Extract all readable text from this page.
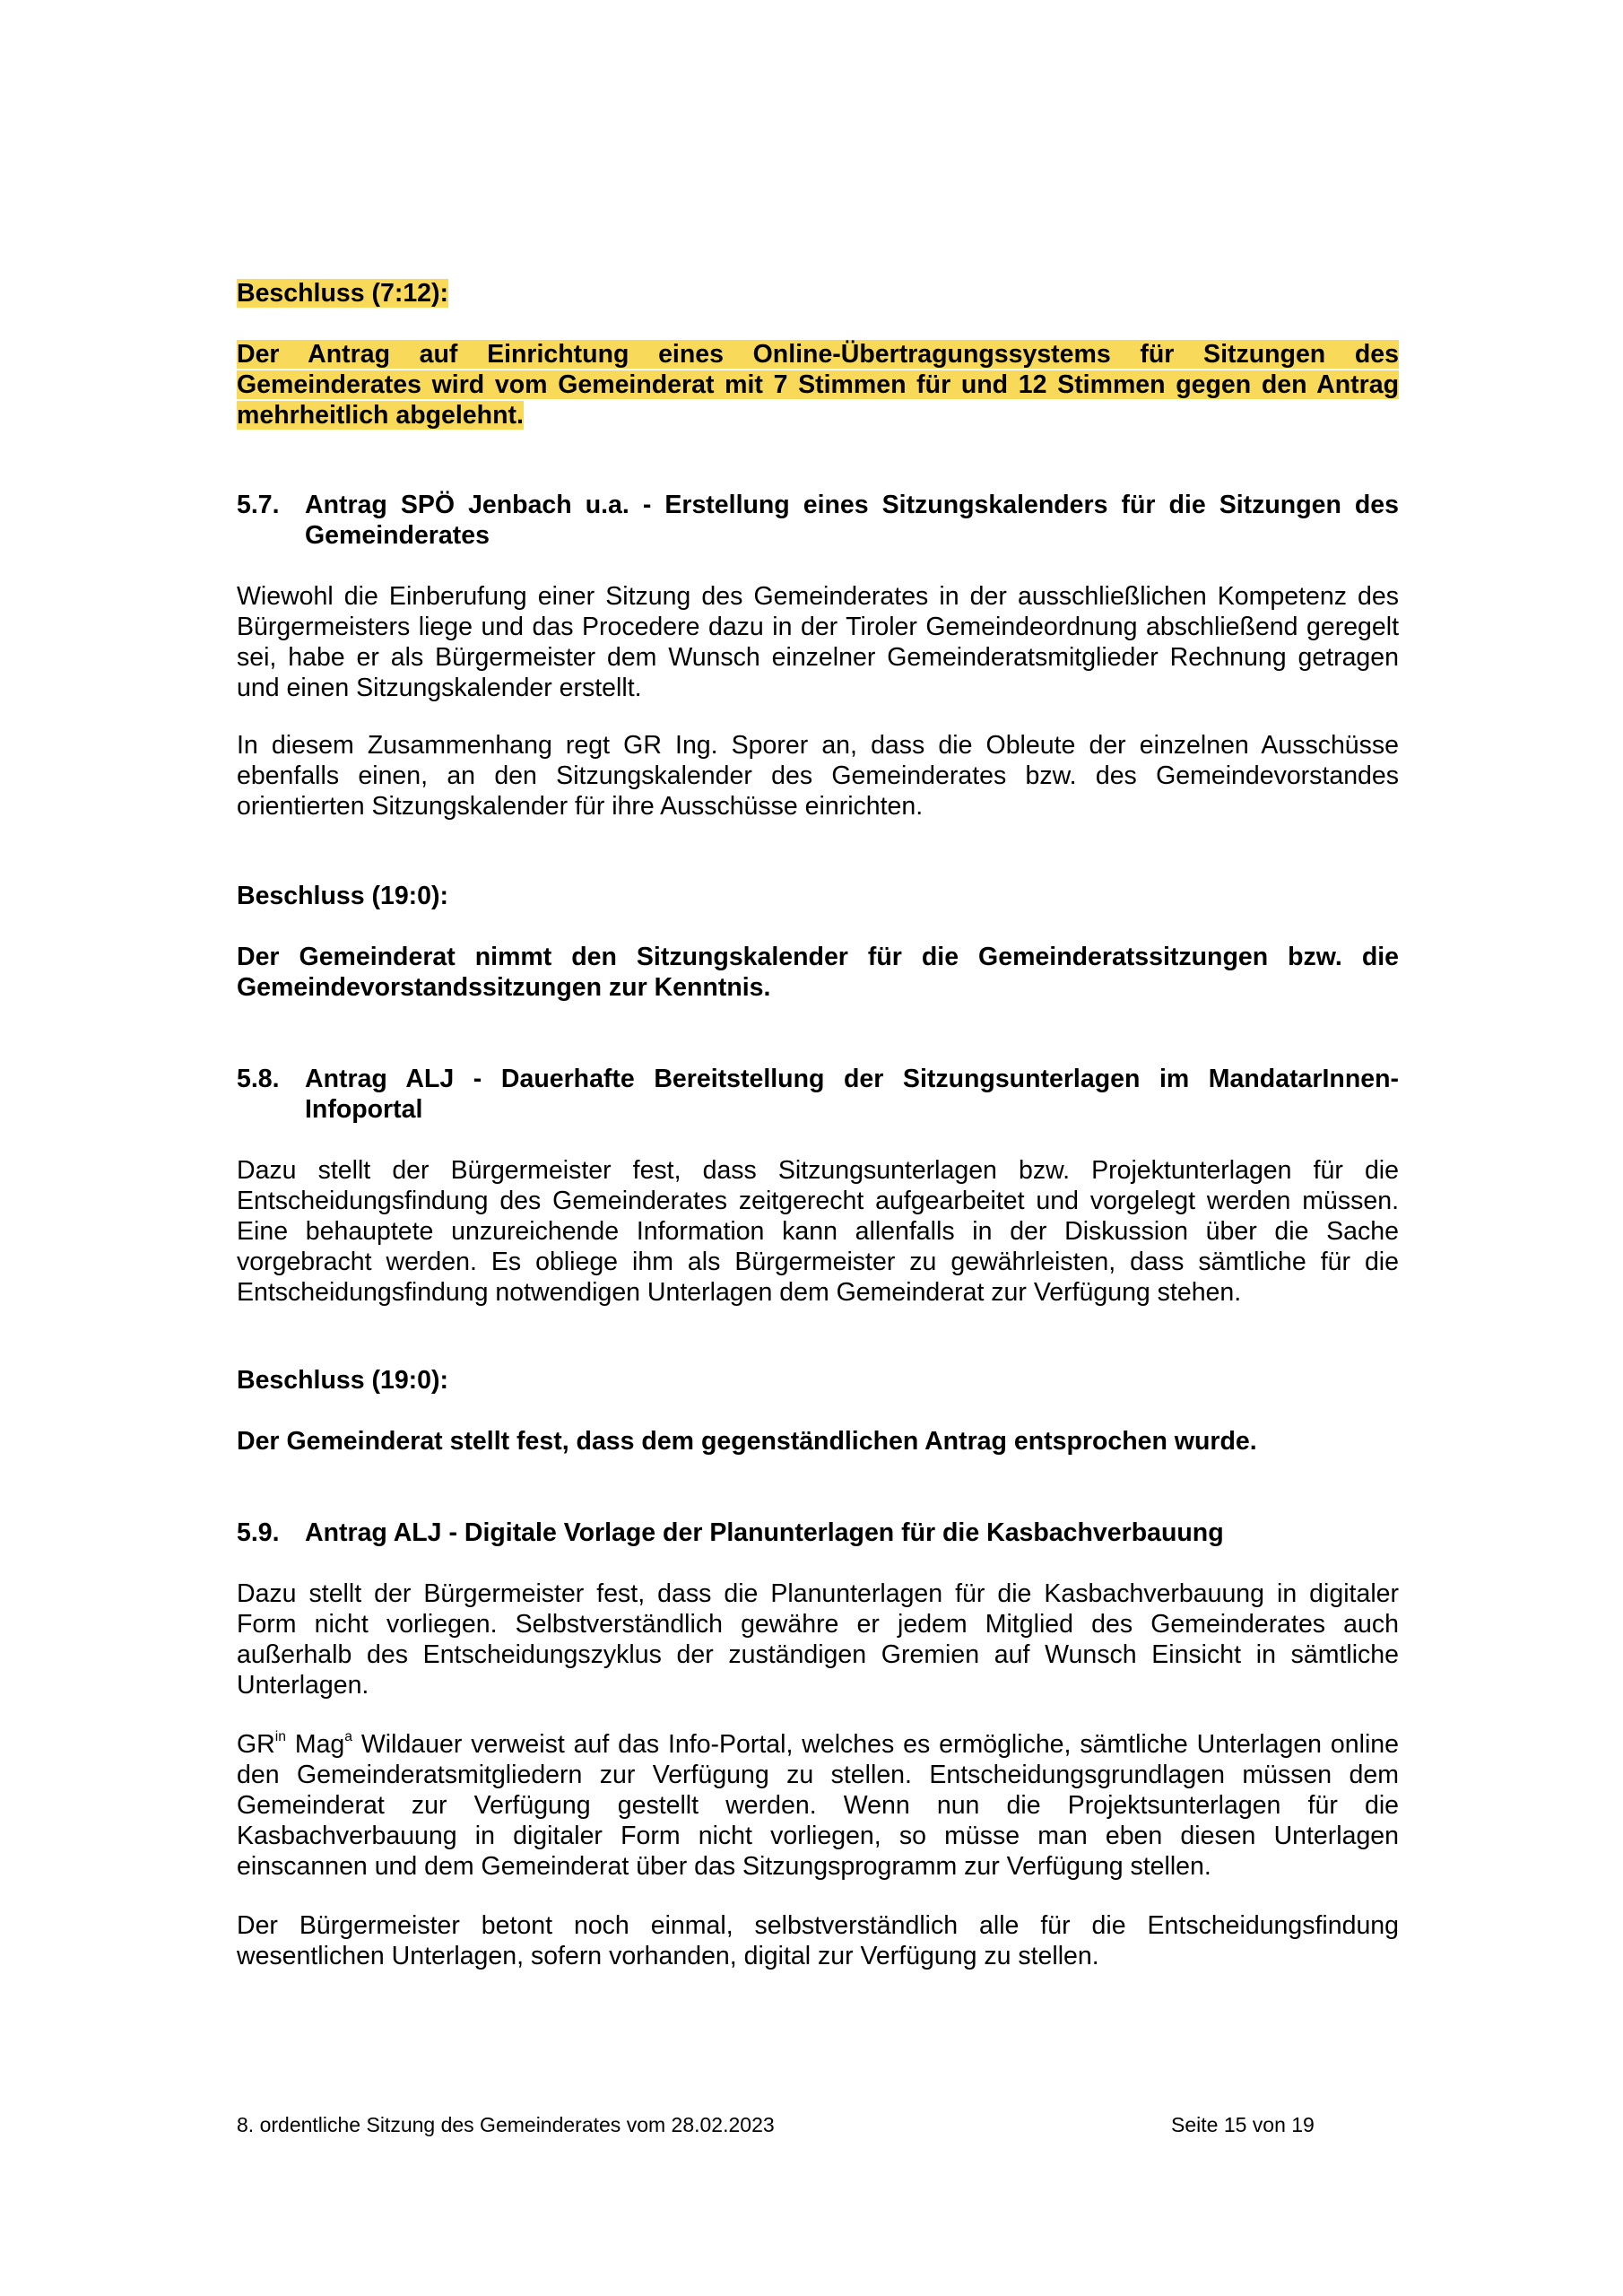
Beschluss (7:12):
Der Antrag auf Einrichtung eines Online-Übertragungssystems für Sitzungen des Gemeinderates wird vom Gemeinderat mit 7 Stimmen für und 12 Stimmen gegen den Antrag mehrheitlich abgelehnt.
5.7. Antrag SPÖ Jenbach u.a. - Erstellung eines Sitzungskalenders für die Sitzungen des Gemeinderates
Wiewohl die Einberufung einer Sitzung des Gemeinderates in der ausschließlichen Kompetenz des Bürgermeisters liege und das Procedere dazu in der Tiroler Gemeindeordnung abschließend geregelt sei, habe er als Bürgermeister dem Wunsch einzelner Gemeinderatsmitglieder Rechnung getragen und einen Sitzungskalender erstellt.
In diesem Zusammenhang regt GR Ing. Sporer an, dass die Obleute der einzelnen Ausschüsse ebenfalls einen, an den Sitzungskalender des Gemeinderates bzw. des Gemeindevorstandes orientierten Sitzungskalender für ihre Ausschüsse einrichten.
Beschluss (19:0):
Der Gemeinderat nimmt den Sitzungskalender für die Gemeinderatssitzungen bzw. die Gemeindevorstandssitzungen zur Kenntnis.
5.8. Antrag ALJ - Dauerhafte Bereitstellung der Sitzungsunterlagen im MandatarInnen-Infoportal
Dazu stellt der Bürgermeister fest, dass Sitzungsunterlagen bzw. Projektunterlagen für die Entscheidungsfindung des Gemeinderates zeitgerecht aufgearbeitet und vorgelegt werden müssen. Eine behauptete unzureichende Information kann allenfalls in der Diskussion über die Sache vorgebracht werden. Es obliege ihm als Bürgermeister zu gewährleisten, dass sämtliche für die Entscheidungsfindung notwendigen Unterlagen dem Gemeinderat zur Verfügung stehen.
Beschluss (19:0):
Der Gemeinderat stellt fest, dass dem gegenständlichen Antrag entsprochen wurde.
5.9. Antrag ALJ - Digitale Vorlage der Planunterlagen für die Kasbachverbauung
Dazu stellt der Bürgermeister fest, dass die Planunterlagen für die Kasbachverbauung in digitaler Form nicht vorliegen. Selbstverständlich gewähre er jedem Mitglied des Gemeinderates auch außerhalb des Entscheidungszyklus der zuständigen Gremien auf Wunsch Einsicht in sämtliche Unterlagen.
$GR^{in}$ Mag$^a$ Wildauer verweist auf das Info-Portal, welches es ermögliche, sämtliche Unterlagen online den Gemeinderatsmitgliedern zur Verfügung zu stellen. Entscheidungsgrundlagen müssen dem Gemeinderat zur Verfügung gestellt werden. Wenn nun die Projektsunterlagen für die Kasbachverbauung in digitaler Form nicht vorliegen, so müsse man eben diesen Unterlagen einscannen und dem Gemeinderat über das Sitzungsprogramm zur Verfügung stellen.
Der Bürgermeister betont noch einmal, selbstverständlich alle für die Entscheidungsfindung wesentlichen Unterlagen, sofern vorhanden, digital zur Verfügung zu stellen.
8. ordentliche Sitzung des Gemeinderates vom 28.02.2023	Seite 15 von 19
